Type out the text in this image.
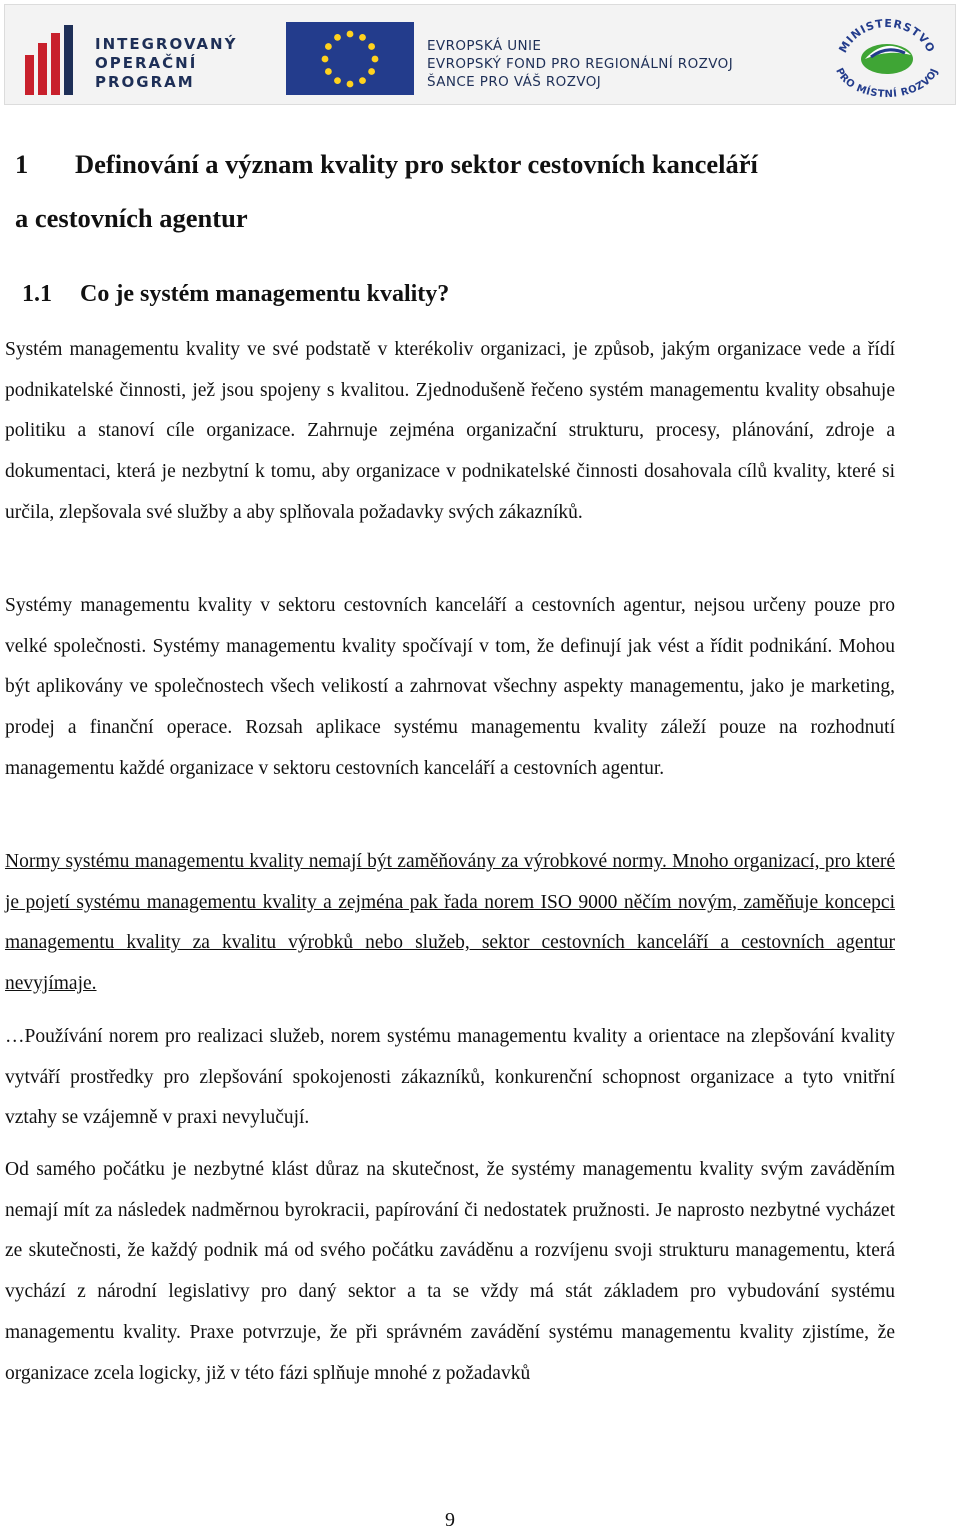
INTEGROVANÝ
OPERAČNÍ
PROGRAM
EVROPSKÁ UNIE
EVROPSKÝ FOND PRO REGIONÁLNÍ ROZVOJ
ŠANCE PRO VÁŠ ROZVOJ
MINISTERSTVO
PRO MÍSTNÍ ROZVOJ
1 Definování a význam kvality pro sektor cestovních kanceláří
a cestovních agentur
1.1 Co je systém managementu kvality?

Systém managementu kvality ve své podstatě v kterékoliv organizaci, je způsob, jakým organizace vede a řídí podnikatelské činnosti, jež jsou spojeny s kvalitou. Zjednodušeně řečeno systém managementu kvality obsahuje politiku a stanoví cíle organizace. Zahrnuje zejména organizační strukturu, procesy, plánování, zdroje a dokumentaci, která je nezbytní k tomu, aby organizace v podnikatelské činnosti dosahovala cílů kvality, které si určila, zlepšovala své služby a aby splňovala požadavky svých zákazníků.

Systémy managementu kvality v sektoru cestovních kanceláří a cestovních agentur, nejsou určeny pouze pro velké společnosti. Systémy managementu kvality spočívají v tom, že definují jak vést a řídit podnikání. Mohou být aplikovány ve společnostech všech velikostí a zahrnovat všechny aspekty managementu, jako je marketing, prodej a finanční operace. Rozsah aplikace systému managementu kvality záleží pouze na rozhodnutí managementu každé organizace v sektoru cestovních kanceláří a cestovních agentur.

Normy systému managementu kvality nemají být zaměňovány za výrobkové normy. Mnoho organizací, pro které je pojetí systému managementu kvality a zejména pak řada norem ISO 9000 něčím novým, zaměňuje koncepci managementu kvality za kvalitu výrobků nebo služeb, sektor cestovních kanceláří a cestovních agentur nevyjímaje.

…Používání norem pro realizaci služeb, norem systému managementu kvality a orientace na zlepšování kvality vytváří prostředky pro zlepšování spokojenosti zákazníků, konkurenční schopnost organizace a tyto vnitřní vztahy se vzájemně v praxi nevylučují.

Od samého počátku je nezbytné klást důraz na skutečnost, že systémy managementu kvality svým zaváděním nemají mít za následek nadměrnou byrokracii, papírování či nedostatek pružnosti. Je naprosto nezbytné vycházet ze skutečnosti, že každý podnik má od svého počátku zaváděnu a rozvíjenu svoji strukturu managementu, která vychází z národní legislativy pro daný sektor a ta se vždy má stát základem pro vybudování systému managementu kvality. Praxe potvrzuje, že při správném zavádění systému managementu kvality zjistíme, že organizace zcela logicky, již v této fázi splňuje mnohé z požadavků

9
